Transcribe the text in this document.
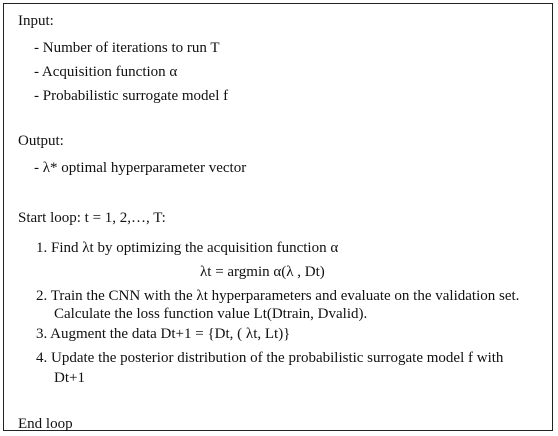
Input:
- Number of iterations to run T
- Acquisition function α
- Probabilistic surrogate model f
Output:
- λ* optimal hyperparameter vector
Start loop: t = 1, 2,…, T:
1. Find λt by optimizing the acquisition function α
λt = argmin α(λ , Dt)
2. Train the CNN with the λt hyperparameters and evaluate on the validation set.
Calculate the loss function value Lt(Dtrain, Dvalid).
3. Augment the data Dt+1 = {Dt, ( λt, Lt)}
4. Update the posterior distribution of the probabilistic surrogate model f with
Dt+1
End loop
